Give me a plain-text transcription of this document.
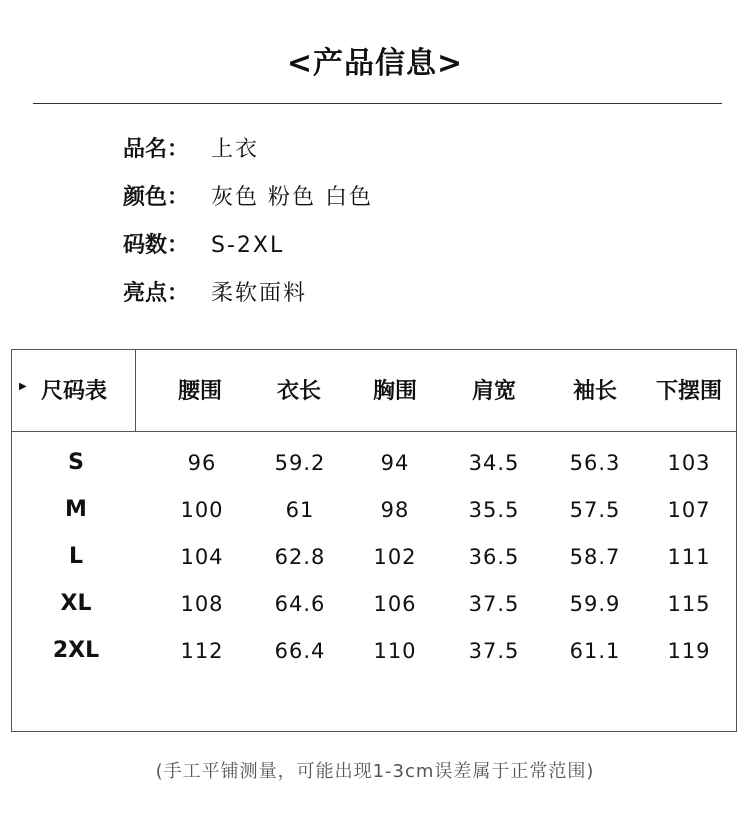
<产品信息>
品名： 上衣
颜色： 灰色 粉色 白色
码数： S-2XL
亮点： 柔软面料
▶ 尺码表	腰围	衣长	胸围	肩宽	袖长	下摆围
S	96	59.2	94	34.5	56.3	103
M	100	61	98	35.5	57.5	107
L	104	62.8	102	36.5	58.7	111
XL	108	64.6	106	37.5	59.9	115
2XL	112	66.4	110	37.5	61.1	119
(手工平铺测量，可能出现1-3cm误差属于正常范围)
